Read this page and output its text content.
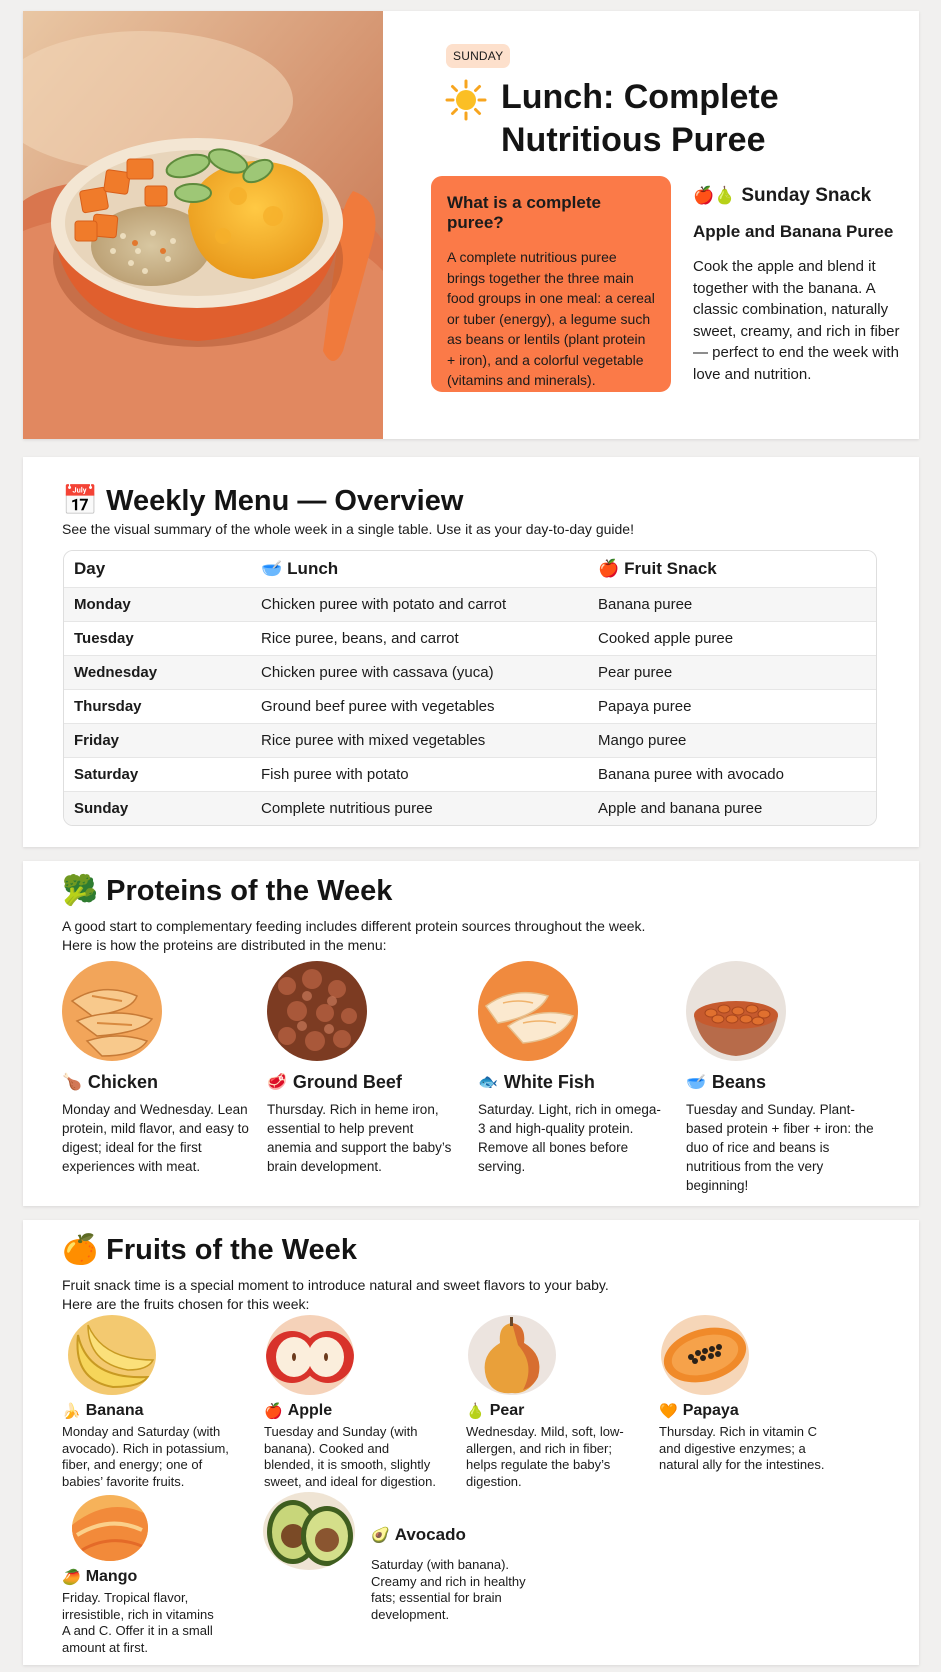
SUNDAY
Lunch: Complete Nutritious Puree
What is a complete puree?
A complete nutritious puree brings together the three main food groups in one meal: a cereal or tuber (energy), a legume such as beans or lentils (plant protein + iron), and a colorful vegetable (vitamins and minerals).
🍎🍐 Sunday Snack
Apple and Banana Puree
Cook the apple and blend it together with the banana. A classic combination, naturally sweet, creamy, and rich in fiber — perfect to end the week with love and nutrition.
📅 Weekly Menu — Overview
See the visual summary of the whole week in a single table. Use it as your day-to-day guide!
Day	🥣 Lunch	🍎 Fruit Snack
Monday	Chicken puree with potato and carrot	Banana puree
Tuesday	Rice puree, beans, and carrot	Cooked apple puree
Wednesday	Chicken puree with cassava (yuca)	Pear puree
Thursday	Ground beef puree with vegetables	Papaya puree
Friday	Rice puree with mixed vegetables	Mango puree
Saturday	Fish puree with potato	Banana puree with avocado
Sunday	Complete nutritious puree	Apple and banana puree
🥦 Proteins of the Week
A good start to complementary feeding includes different protein sources throughout the week.
Here is how the proteins are distributed in the menu:
🍗 Chicken
Monday and Wednesday. Lean protein, mild flavor, and easy to digest; ideal for the first experiences with meat.
🥩 Ground Beef
Thursday. Rich in heme iron, essential to help prevent anemia and support the baby’s brain development.
🐟 White Fish
Saturday. Light, rich in omega-3 and high-quality protein. Remove all bones before serving.
🥣 Beans
Tuesday and Sunday. Plant-based protein + fiber + iron: the duo of rice and beans is nutritious from the very beginning!
🍊 Fruits of the Week
Fruit snack time is a special moment to introduce natural and sweet flavors to your baby.
Here are the fruits chosen for this week:
🍌 Banana
Monday and Saturday (with avocado). Rich in potassium, fiber, and energy; one of babies’ favorite fruits.
🍎 Apple
Tuesday and Sunday (with banana). Cooked and blended, it is smooth, slightly sweet, and ideal for digestion.
🍐 Pear
Wednesday. Mild, soft, low-allergen, and rich in fiber; helps regulate the baby’s digestion.
🧡 Papaya
Thursday. Rich in vitamin C and digestive enzymes; a natural ally for the intestines.
🥭 Mango
Friday. Tropical flavor, irresistible, rich in vitamins A and C. Offer it in a small amount at first.
🥑 Avocado
Saturday (with banana). Creamy and rich in healthy fats; essential for brain development.
